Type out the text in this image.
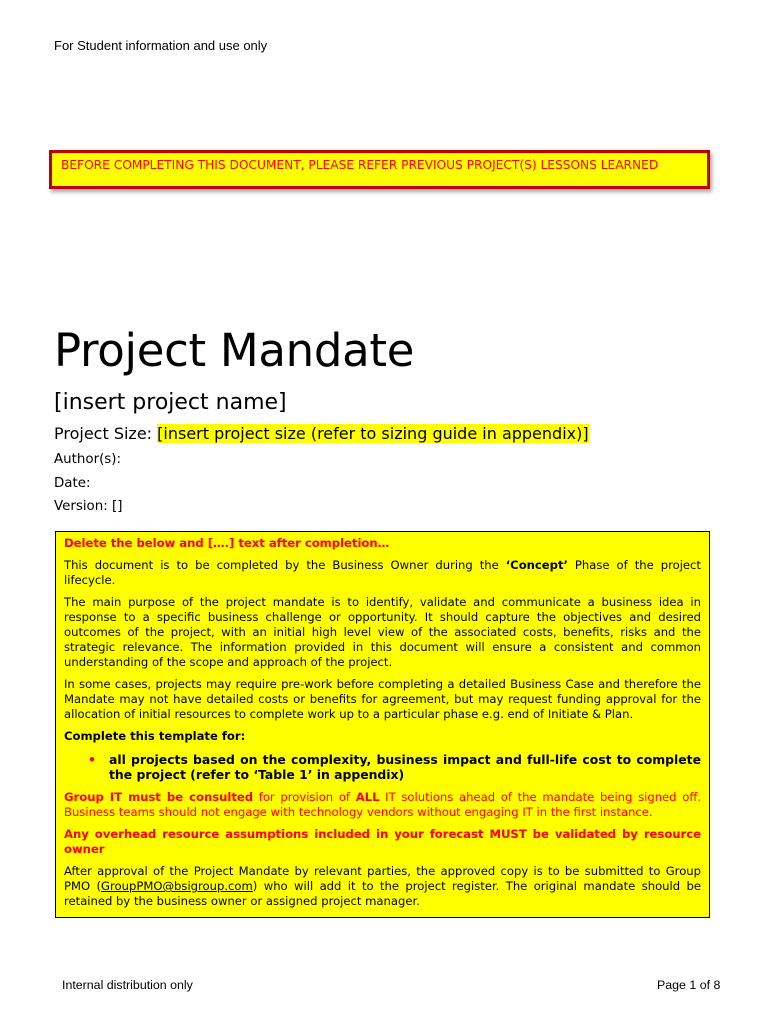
For Student information and use only
BEFORE COMPLETING THIS DOCUMENT, PLEASE REFER PREVIOUS PROJECT(S) LESSONS LEARNED
Project Mandate
[insert project name]
Project Size: [insert project size (refer to sizing guide in appendix)]
Author(s):
Date:
Version: []

Delete the below and [….] text after completion…

This document is to be completed by the Business Owner during the ‘Concept’ Phase of the project lifecycle.

The main purpose of the project mandate is to identify, validate and communicate a business idea in response to a specific business challenge or opportunity. It should capture the objectives and desired outcomes of the project, with an initial high level view of the associated costs, benefits, risks and the strategic relevance. The information provided in this document will ensure a consistent and common understanding of the scope and approach of the project.

In some cases, projects may require pre-work before completing a detailed Business Case and therefore the Mandate may not have detailed costs or benefits for agreement, but may request funding approval for the allocation of initial resources to complete work up to a particular phase e.g. end of Initiate & Plan.

Complete this template for:

• all projects based on the complexity, business impact and full-life cost to complete the project (refer to ‘Table 1’ in appendix)

Group IT must be consulted for provision of ALL IT solutions ahead of the mandate being signed off. Business teams should not engage with technology vendors without engaging IT in the first instance.

Any overhead resource assumptions included in your forecast MUST be validated by resource owner

After approval of the Project Mandate by relevant parties, the approved copy is to be submitted to Group PMO (GroupPMO@bsigroup.com) who will add it to the project register. The original mandate should be retained by the business owner or assigned project manager.

Internal distribution only	Page 1 of 8
